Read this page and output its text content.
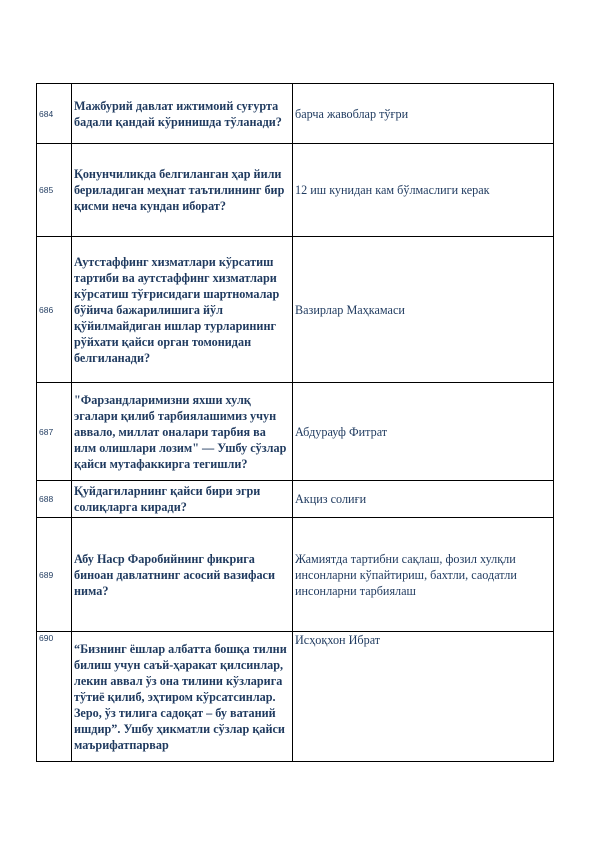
684	Мажбурий давлат ижтимоий суғурта бадали қандай кўринишда тўланади?	барча жавоблар тўғри
685	Қонунчиликда белгиланган ҳар йили бериладиган меҳнат таътилининг бир қисми неча кундан иборат?	12 иш кунидан кам бўлмаслиги керак
686	Аутстаффинг хизматлари кўрсатиш тартиби ва аутстаффинг хизматлари кўрсатиш тўғрисидаги шартномалар бўйича бажарилишига йўл қўйилмайдиган ишлар турларининг рўйхати қайси орган томонидан белгиланади?	Вазирлар Маҳкамаси
687	"Фарзандларимизни яхши хулқ эгалари қилиб тарбиялашимиз учун аввало, миллат оналари тарбия ва илм олишлари лозим" — Ушбу сўзлар қайси мутафаккирга тегишли?	Абдурауф Фитрат
688	Қуйдагиларнинг қайси бири эгри солиқларга киради?	Акциз солиғи
689	Абу Наср Фаробийнинг фикрига биноан давлатнинг асосий вазифаси нима?	Жамиятда тартибни сақлаш, фозил хулқли инсонларни кўпайтириш, бахтли, саодатли инсонларни тарбиялаш
690	“Бизнинг ёшлар албатта бошқа тилни билиш учун саъй-ҳаракат қилсинлар, лекин аввал ўз она тилини кўзларига тўтиё қилиб, эҳтиром кўрсатсинлар. Зеро, ўз тилига садоқат – бу ватаний ишдир”. Ушбу ҳикматли сўзлар қайси маърифатпарвар	Исҳоқхон Ибрат
